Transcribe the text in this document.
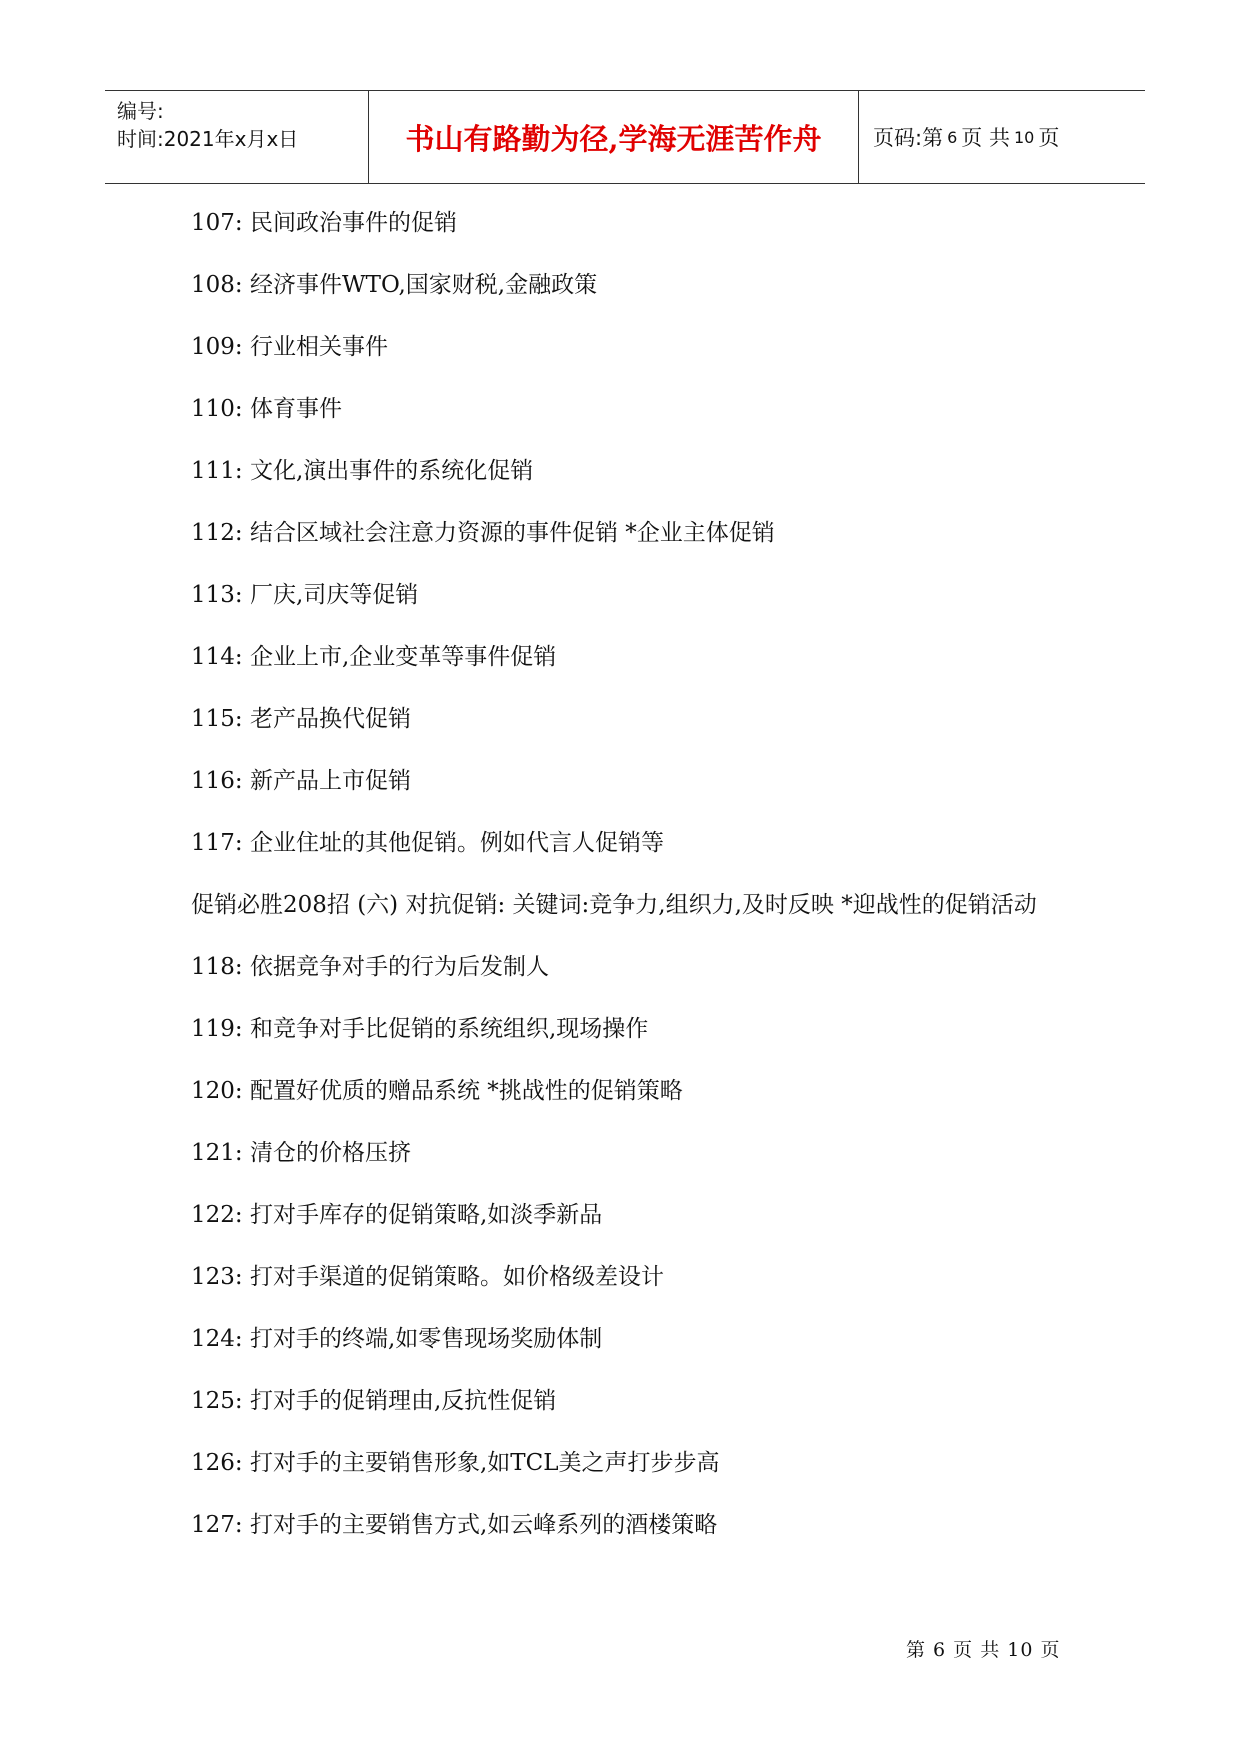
编号:
时间:2021年x月x日	书山有路勤为径,学海无涯苦作舟	页码:第 6 页 共 10 页
107: 民间政治事件的促销
108: 经济事件WTO,国家财税,金融政策
109: 行业相关事件
110: 体育事件
111: 文化,演出事件的系统化促销
112: 结合区域社会注意力资源的事件促销 *企业主体促销
113: 厂庆,司庆等促销
114: 企业上市,企业变革等事件促销
115: 老产品换代促销
116: 新产品上市促销
117: 企业住址的其他促销。例如代言人促销等
促销必胜208招 (六) 对抗促销: 关键词:竞争力,组织力,及时反映 *迎战性的促销活动
118: 依据竞争对手的行为后发制人
119: 和竞争对手比促销的系统组织,现场操作
120: 配置好优质的赠品系统 *挑战性的促销策略
121: 清仓的价格压挤
122: 打对手库存的促销策略,如淡季新品
123: 打对手渠道的促销策略。如价格级差设计
124: 打对手的终端,如零售现场奖励体制
125: 打对手的促销理由,反抗性促销
126: 打对手的主要销售形象,如TCL美之声打步步高
127: 打对手的主要销售方式,如云峰系列的酒楼策略
第 6 页 共 10 页
